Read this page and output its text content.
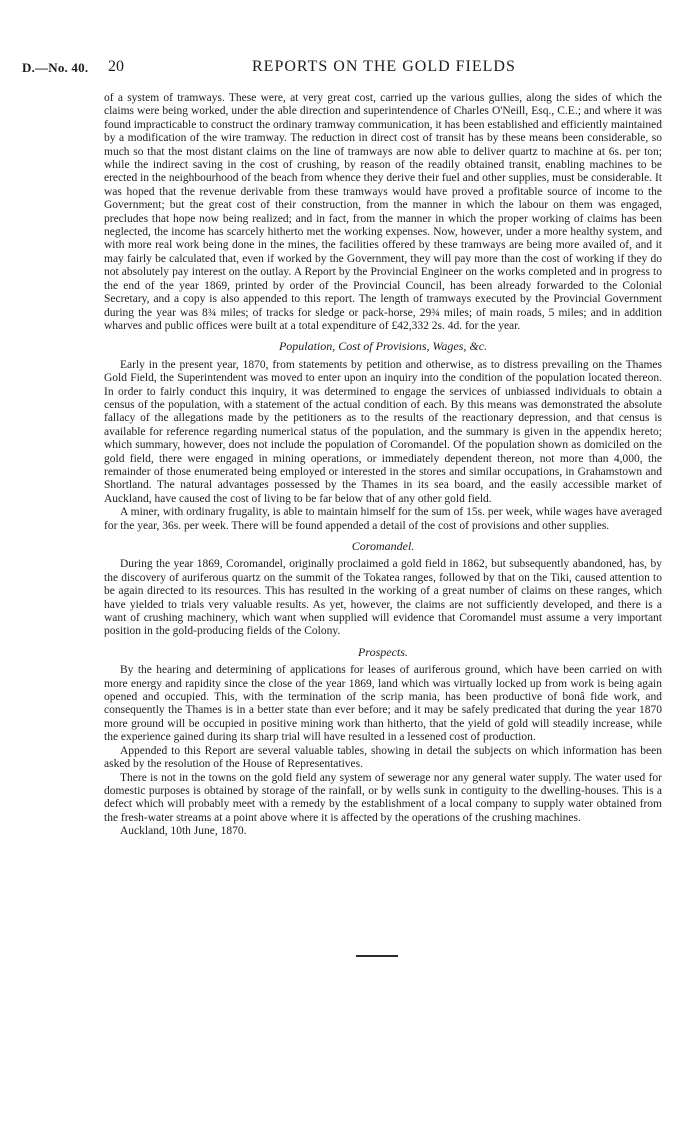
D.—No. 40. 20	REPORTS ON THE GOLD FIELDS

of a system of tramways. These were, at very great cost, carried up the various gullies, along the sides of which the claims were being worked, under the able direction and superintendence of Charles O'Neill, Esq., C.E.; and where it was found impracticable to construct the ordinary tramway communication, it has been established and efficiently maintained by a modification of the wire tramway. The reduction in direct cost of transit has by these means been considerable, so much so that the most distant claims on the line of tramways are now able to deliver quartz to machine at 6s. per ton; while the indirect saving in the cost of crushing, by reason of the readily obtained transit, enabling machines to be erected in the neighbourhood of the beach from whence they derive their fuel and other supplies, must be considerable. It was hoped that the revenue derivable from these tramways would have proved a profitable source of income to the Government; but the great cost of their construction, from the manner in which the labour on them was engaged, precludes that hope now being realized; and in fact, from the manner in which the proper working of claims has been neglected, the income has scarcely hitherto met the working expenses. Now, however, under a more healthy system, and with more real work being done in the mines, the facilities offered by these tramways are being more availed of, and it may fairly be calculated that, even if worked by the Government, they will pay more than the cost of working if they do not absolutely pay interest on the outlay. A Report by the Provincial Engineer on the works completed and in progress to the end of the year 1869, printed by order of the Provincial Council, has been already forwarded to the Colonial Secretary, and a copy is also appended to this report. The length of tramways executed by the Provincial Government during the year was 8¾ miles; of tracks for sledge or pack-horse, 29¾ miles; of main roads, 5 miles; and in addition wharves and public offices were built at a total expenditure of £42,332 2s. 4d. for the year.

Population, Cost of Provisions, Wages, &c.

Early in the present year, 1870, from statements by petition and otherwise, as to distress prevailing on the Thames Gold Field, the Superintendent was moved to enter upon an inquiry into the condition of the population located thereon. In order to fairly conduct this inquiry, it was determined to engage the services of unbiassed individuals to obtain a census of the population, with a statement of the actual condition of each. By this means was demonstrated the absolute fallacy of the allegations made by the petitioners as to the results of the reactionary depression, and that census is available for reference regarding numerical status of the population, and the summary is given in the appendix hereto; which summary, however, does not include the population of Coromandel. Of the population shown as domiciled on the gold field, there were engaged in mining operations, or immediately dependent thereon, not more than 4,000, the remainder of those enumerated being employed or interested in the stores and similar occupations, in Grahamstown and Shortland. The natural advantages possessed by the Thames in its sea board, and the easily accessible market of Auckland, have caused the cost of living to be far below that of any other gold field.

A miner, with ordinary frugality, is able to maintain himself for the sum of 15s. per week, while wages have averaged for the year, 36s. per week. There will be found appended a detail of the cost of provisions and other supplies.

Coromandel.

During the year 1869, Coromandel, originally proclaimed a gold field in 1862, but subsequently abandoned, has, by the discovery of auriferous quartz on the summit of the Tokatea ranges, followed by that on the Tiki, caused attention to be again directed to its resources. This has resulted in the working of a great number of claims on these ranges, which have yielded to trials very valuable results. As yet, however, the claims are not sufficiently developed, and there is a want of crushing machinery, which want when supplied will evidence that Coromandel must assume a very important position in the gold-producing fields of the Colony.

Prospects.

By the hearing and determining of applications for leases of auriferous ground, which have been carried on with more energy and rapidity since the close of the year 1869, land which was virtually locked up from work is being again opened and occupied. This, with the termination of the scrip mania, has been productive of bonâ fide work, and consequently the Thames is in a better state than ever before; and it may be safely predicated that during the year 1870 more ground will be occupied in positive mining work than hitherto, that the yield of gold will steadily increase, while the experience gained during its sharp trial will have resulted in a lessened cost of production.

Appended to this Report are several valuable tables, showing in detail the subjects on which information has been asked by the resolution of the House of Representatives.

There is not in the towns on the gold field any system of sewerage nor any general water supply. The water used for domestic purposes is obtained by storage of the rainfall, or by wells sunk in contiguity to the dwelling-houses. This is a defect which will probably meet with a remedy by the establishment of a local company to supply water obtained from the fresh-water streams at a point above where it is affected by the operations of the crushing machines.

Auckland, 10th June, 1870.
